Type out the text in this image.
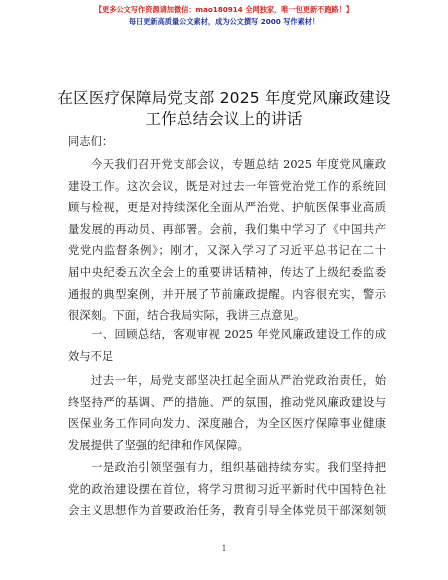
【更多公文写作资源请加微信：mao180914 全网独家，唯一包更新不跑路！】
每日更新高质量公文素材，成为公文撰写 2000 写作素材！
在区医疗保障局党支部 2025 年度党风廉政建设
工作总结会议上的讲话
同志们：
今天我们召开党支部会议，专题总结 2025 年度党风廉政
建设工作。这次会议，既是对过去一年管党治党工作的系统回
顾与检视，更是对持续深化全面从严治党、护航医保事业高质
量发展的再动员、再部署。会前，我们集中学习了《中国共产
党党内监督条例》；刚才，又深入学习了习近平总书记在二十
届中央纪委五次全会上的重要讲话精神，传达了上级纪委监委
通报的典型案例，并开展了节前廉政提醒。内容很充实，警示
很深刻。下面，结合我局实际，我讲三点意见。
一、回顾总结，客观审视 2025 年党风廉政建设工作的成
效与不足
过去一年，局党支部坚决扛起全面从严治党政治责任，始
终坚持严的基调、严的措施、严的氛围，推动党风廉政建设与
医保业务工作同向发力、深度融合，为全区医疗保障事业健康
发展提供了坚强的纪律和作风保障。
一是政治引领坚强有力，组织基础持续夯实。我们坚持把
党的政治建设摆在首位，将学习贯彻习近平新时代中国特色社
会主义思想作为首要政治任务，教育引导全体党员干部深刻领
1
